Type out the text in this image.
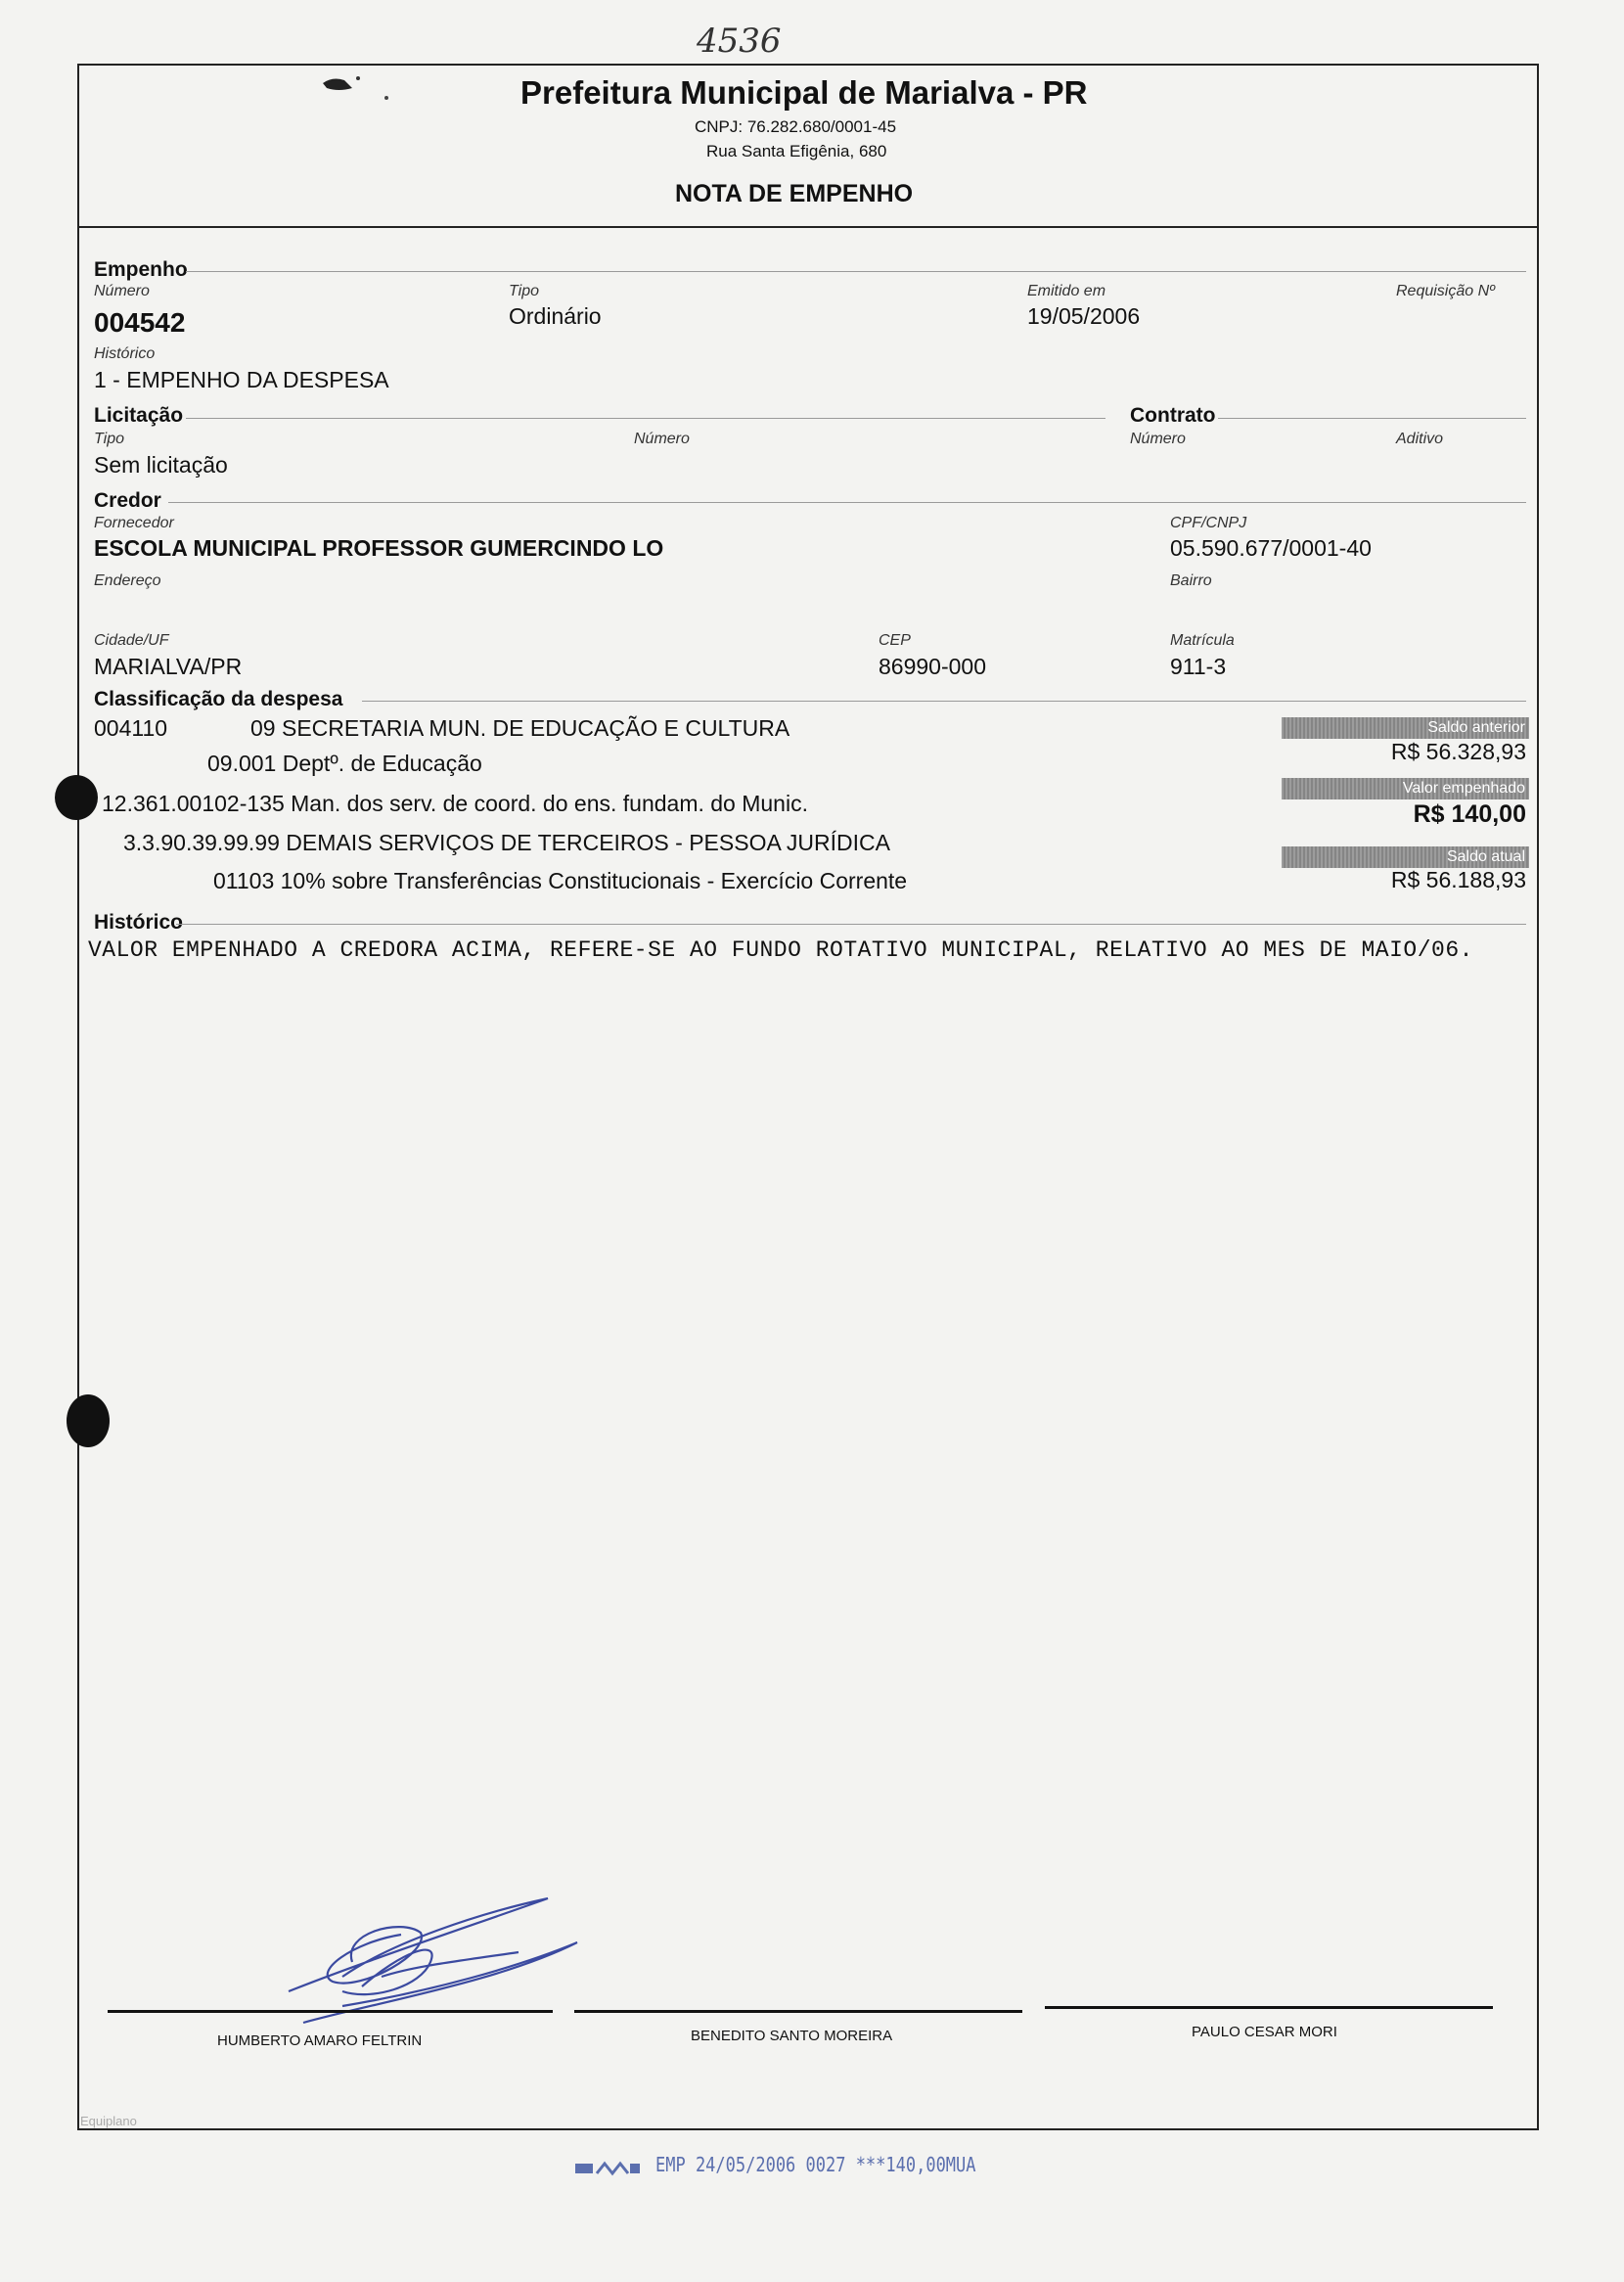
4536
Prefeitura Municipal de Marialva - PR
CNPJ: 76.282.680/0001-45
Rua Santa Efigênia, 680
NOTA DE EMPENHO
Empenho
Número
004542
Tipo
Ordinário
Emitido em
19/05/2006
Requisição Nº
Histórico
1 - EMPENHO DA DESPESA
Licitação	Contrato
Tipo
Sem licitação
Número	Número	Aditivo
Credor
Fornecedor
ESCOLA MUNICIPAL PROFESSOR GUMERCINDO LO
CPF/CNPJ
05.590.677/0001-40
Endereço	Bairro
Cidade/UF
MARIALVA/PR
CEP
86990-000
Matrícula
911-3
Classificação da despesa
004110	09 SECRETARIA MUN. DE EDUCAÇÃO E CULTURA
09.001 Deptº. de Educação
12.361.00102-135 Man. dos serv. de coord. do ens. fundam. do Munic.
3.3.90.39.99.99 DEMAIS SERVIÇOS DE TERCEIROS - PESSOA JURÍDICA
01103 10% sobre Transferências Constitucionais - Exercício Corrente
Saldo anterior
R$ 56.328,93
Valor empenhado
R$ 140,00
Saldo atual
R$ 56.188,93
Histórico
VALOR EMPENHADO A CREDORA ACIMA, REFERE-SE AO FUNDO ROTATIVO MUNICIPAL, RELATIVO AO MES DE MAIO/06.
HUMBERTO AMARO FELTRIN	BENEDITO SANTO MOREIRA	PAULO CESAR MORI
Equiplano
EMP 24/05/2006 0027 ***140,00MUA
